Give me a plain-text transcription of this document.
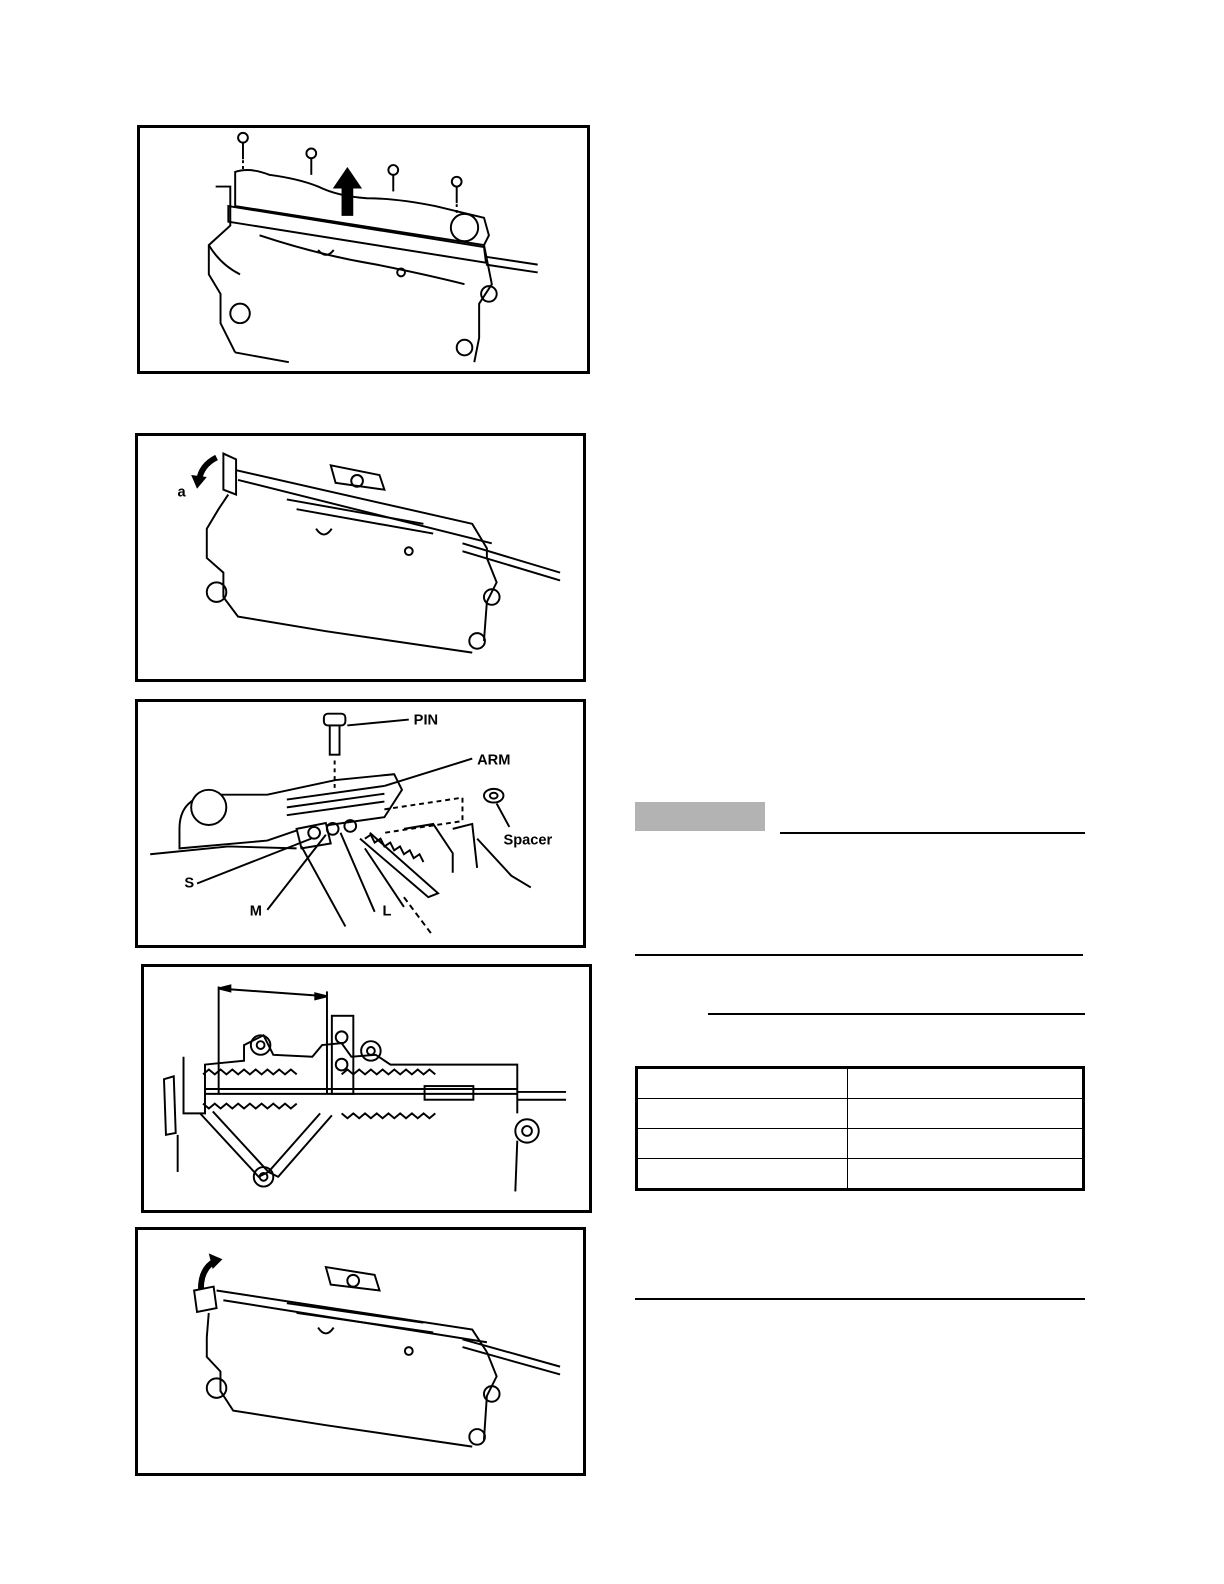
a
PIN
ARM
Spacer
S
M	L
